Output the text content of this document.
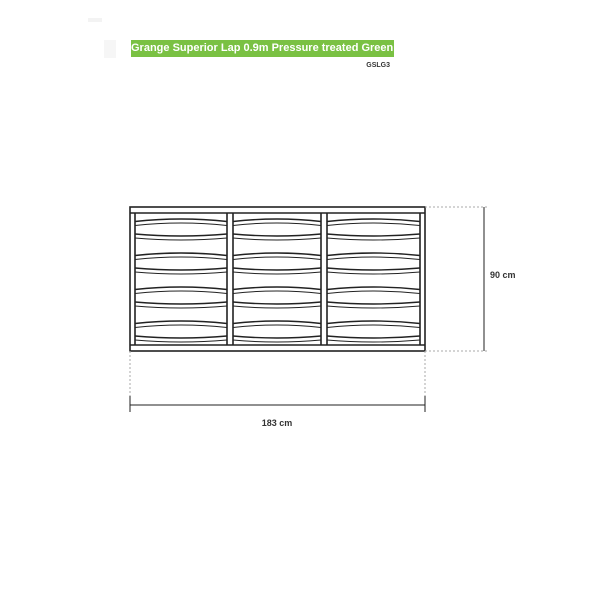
Grange Superior Lap 0.9m Pressure treated Green
GSLG3
90 cm
183 cm
